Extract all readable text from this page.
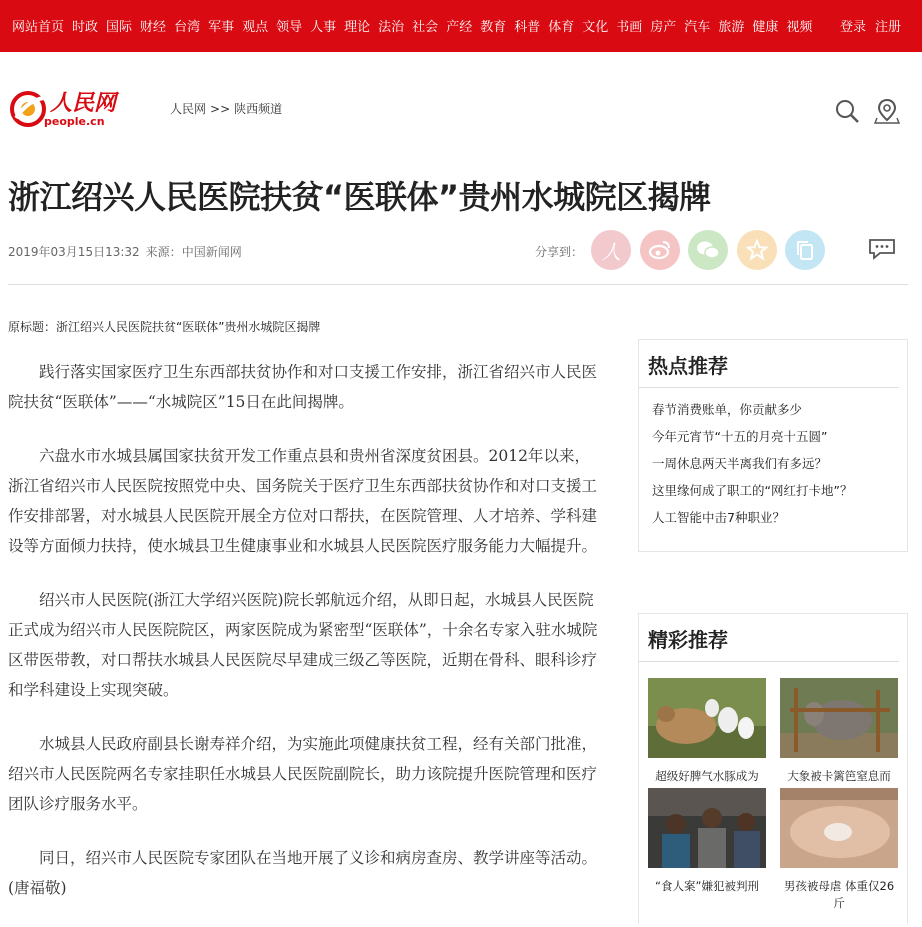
网站首页 时政 国际 财经 台湾 军事 观点 领导 人事 理论 法治 社会 产经 教育 科普 体育 文化 书画 房产 汽车 旅游 健康 视频	登录 注册
人民网
people.cn
人民网 >> 陕西频道
浙江绍兴人民医院扶贫“医联体”贵州水城院区揭牌
2019年03月15日13:32 来源：中国新闻网	分享到： 人
原标题：浙江绍兴人民医院扶贫“医联体”贵州水城院区揭牌

践行落实国家医疗卫生东西部扶贫协作和对口支援工作安排，浙江省绍兴市人民医院扶贫“医联体”——“水城院区”15日在此间揭牌。

六盘水市水城县属国家扶贫开发工作重点县和贵州省深度贫困县。2012年以来，浙江省绍兴市人民医院按照党中央、国务院关于医疗卫生东西部扶贫协作和对口支援工作安排部署，对水城县人民医院开展全方位对口帮扶，在医院管理、人才培养、学科建设等方面倾力扶持，使水城县卫生健康事业和水城县人民医院医疗服务能力大幅提升。

绍兴市人民医院(浙江大学绍兴医院)院长郭航远介绍，从即日起，水城县人民医院正式成为绍兴市人民医院院区，两家医院成为紧密型“医联体”，十余名专家入驻水城院区带医带教，对口帮扶水城县人民医院尽早建成三级乙等医院，近期在骨科、眼科诊疗和学科建设上实现突破。

水城县人民政府副县长谢寿祥介绍，为实施此项健康扶贫工程，经有关部门批准，绍兴市人民医院两名专家挂职任水城县人民医院副院长，助力该院提升医院管理和医疗团队诊疗服务水平。

同日，绍兴市人民医院专家团队在当地开展了义诊和病房查房、教学讲座等活动。(唐福敬)

热点推荐
春节消费账单，你贡献多少
今年元宵节“十五的月亮十五圆”
一周休息两天半离我们有多远？
这里缘何成了职工的“网红打卡地”？
人工智能中击7种职业？
精彩推荐
超级好脾气水豚成为	大象被卡篱笆窒息而
“食人案”嫌犯被判刑	男孩被母虐 体重仅26斤
